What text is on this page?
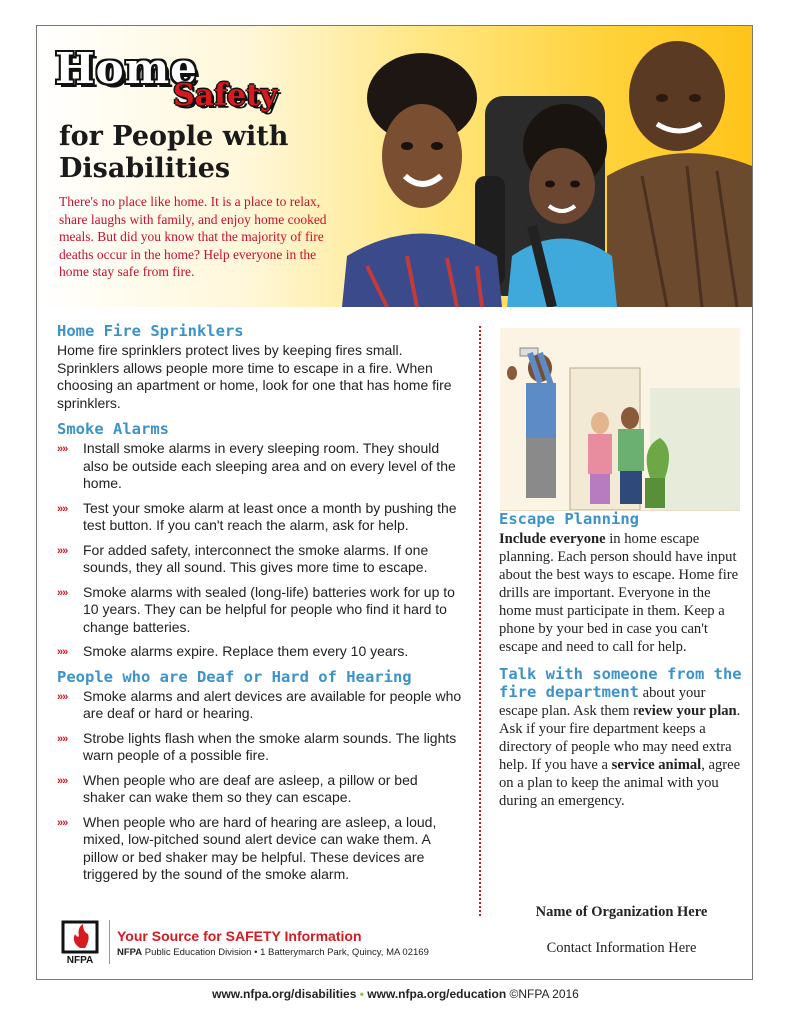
Home
Safety
for People with Disabilities
There's no place like home. It is a place to relax, share laughs with family, and enjoy home cooked meals. But did you know that the majority of fire deaths occur in the home? Help everyone in the home stay safe from fire.
Home Fire Sprinklers
Home fire sprinklers protect lives by keeping fires small. Sprinklers allows people more time to escape in a fire. When choosing an apartment or home, look for one that has home fire sprinklers.
Smoke Alarms
»» Install smoke alarms in every sleeping room. They should also be outside each sleeping area and on every level of the home.
»» Test your smoke alarm at least once a month by pushing the test button. If you can't reach the alarm, ask for help.
»» For added safety, interconnect the smoke alarms. If one sounds, they all sound. This gives more time to escape.
»» Smoke alarms with sealed (long-life) batteries work for up to 10 years. They can be helpful for people who find it hard to change batteries.
»» Smoke alarms expire. Replace them every 10 years.
People who are Deaf or Hard of Hearing
»» Smoke alarms and alert devices are available for people who are deaf or hard or hearing.
»» Strobe lights flash when the smoke alarm sounds. The lights warn people of a possible fire.
»» When people who are deaf are asleep, a pillow or bed shaker can wake them so they can escape.
»» When people who are hard of hearing are asleep, a loud, mixed, low-pitched sound alert device can wake them. A pillow or bed shaker may be helpful. These devices are triggered by the sound of the smoke alarm.
Escape Planning

Include everyone in home escape planning. Each person should have input about the best ways to escape. Home fire drills are important. Everyone in the home must participate in them. Keep a phone by your bed in case you can't escape and need to call for help.

Talk with someone from the fire department about your escape plan. Ask them review your plan. Ask if your fire department keeps a directory of people who may need extra help. If you have a service animal, agree on a plan to keep the animal with you during an emergency.

Name of Organization Here
Contact Information Here
NFPA
Your Source for SAFETY Information
NFPA Public Education Division • 1 Batterymarch Park, Quincy, MA 02169
www.nfpa.org/disabilities • www.nfpa.org/education ©NFPA 2016
